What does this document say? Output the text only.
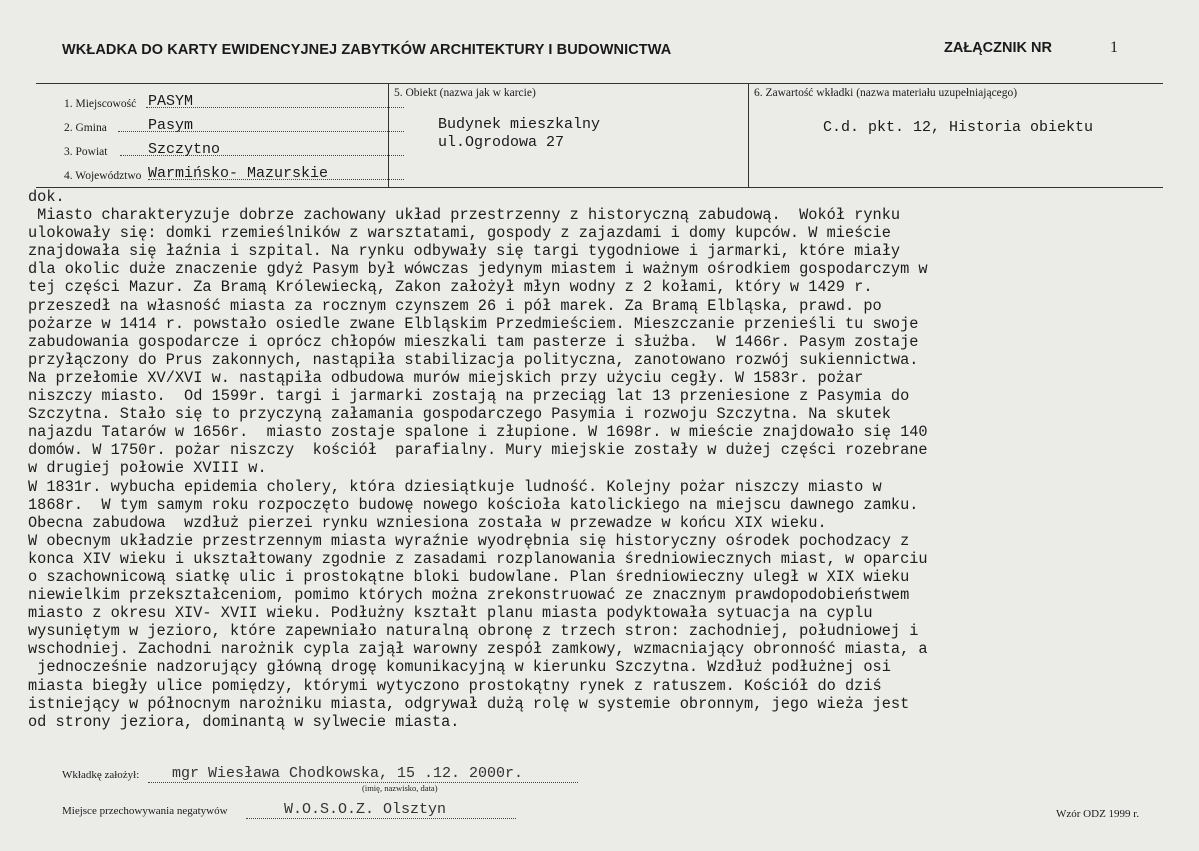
WKŁADKA DO KARTY EWIDENCYJNEJ ZABYTKÓW ARCHITEKTURY I BUDOWNICTWA	ZAŁĄCZNIK NR	1
1. Miejscowość PASYM
2. Gmina	Pasym
3. Powiat	Szczytno
4. Województwo Warmińsko- Mazurskie
5. Obiekt (nazwa jak w karcie)
Budynek mieszkalny
ul.Ogrodowa 27
6. Zawartość wkładki (nazwa materiału uzupełniającego)
C.d. pkt. 12, Historia obiektu
dok.
Miasto charakteryzuje dobrze zachowany układ przestrzenny z historyczną zabudową.  Wokół rynku
ulokowały się: domki rzemieślników z warsztatami, gospody z zajazdami i domy kupców. W mieście
znajdowała się łaźnia i szpital. Na rynku odbywały się targi tygodniowe i jarmarki, które miały
dla okolic duże znaczenie gdyż Pasym był wówczas jedynym miastem i ważnym ośrodkiem gospodarczym w
tej części Mazur. Za Bramą Królewiecką, Zakon założył młyn wodny z 2 kołami, który w 1429 r.
przeszedł na własność miasta za rocznym czynszem 26 i pół marek. Za Bramą Elbląska, prawd. po
pożarze w 1414 r. powstało osiedle zwane Elbląskim Przedmieściem. Mieszczanie przenieśli tu swoje
zabudowania gospodarcze i oprócz chłopów mieszkali tam pasterze i służba.  W 1466r. Pasym zostaje
przyłączony do Prus zakonnych, nastąpiła stabilizacja polityczna, zanotowano rozwój sukiennictwa.
Na przełomie XV/XVI w. nastąpiła odbudowa murów miejskich przy użyciu cegły. W 1583r. pożar
niszczy miasto.  Od 1599r. targi i jarmarki zostają na przeciąg lat 13 przeniesione z Pasymia do
Szczytna. Stało się to przyczyną załamania gospodarczego Pasymia i rozwoju Szczytna. Na skutek
najazdu Tatarów w 1656r.  miasto zostaje spalone i złupione. W 1698r. w mieście znajdowało się 140
domów. W 1750r. pożar niszczy  kościół  parafialny. Mury miejskie zostały w dużej części rozebrane
w drugiej połowie XVIII w.
W 1831r. wybucha epidemia cholery, która dziesiątkuje ludność. Kolejny pożar niszczy miasto w
1868r.  W tym samym roku rozpoczęto budowę nowego kościoła katolickiego na miejscu dawnego zamku.
Obecna zabudowa  wzdłuż pierzei rynku wzniesiona została w przewadze w końcu XIX wieku.
W obecnym układzie przestrzennym miasta wyraźnie wyodrębnia się historyczny ośrodek pochodzacy z
konca XIV wieku i ukształtowany zgodnie z zasadami rozplanowania średniowiecznych miast, w oparciu
o szachownicową siatkę ulic i prostokątne bloki budowlane. Plan średniowieczny uległ w XIX wieku
niewielkim przekształceniom, pomimo których można zrekonstruować ze znacznym prawdopodobieństwem
miasto z okresu XIV- XVII wieku. Podłużny kształt planu miasta podyktowała sytuacja na cyplu
wysuniętym w jezioro, które zapewniało naturalną obronę z trzech stron: zachodniej, południowej i
wschodniej. Zachodni narożnik cypla zajął warowny zespół zamkowy, wzmacniający obronność miasta, a
jednocześnie nadzorujący główną drogę komunikacyjną w kierunku Szczytna. Wzdłuż podłużnej osi
miasta biegły ulice pomiędzy, którymi wytyczono prostokątny rynek z ratuszem. Kościół do dziś
istniejący w północnym narożniku miasta, odgrywał dużą rolę w systemie obronnym, jego wieża jest
od strony jeziora, dominantą w sylwecie miasta.
Wkładkę założył: mgr Wiesława Chodkowska, 15 .12. 2000r.
(imię, nazwisko, data)
Miejsce przechowywania negatywów	W.O.S.O.Z. Olsztyn	Wzór ODZ 1999 r.
